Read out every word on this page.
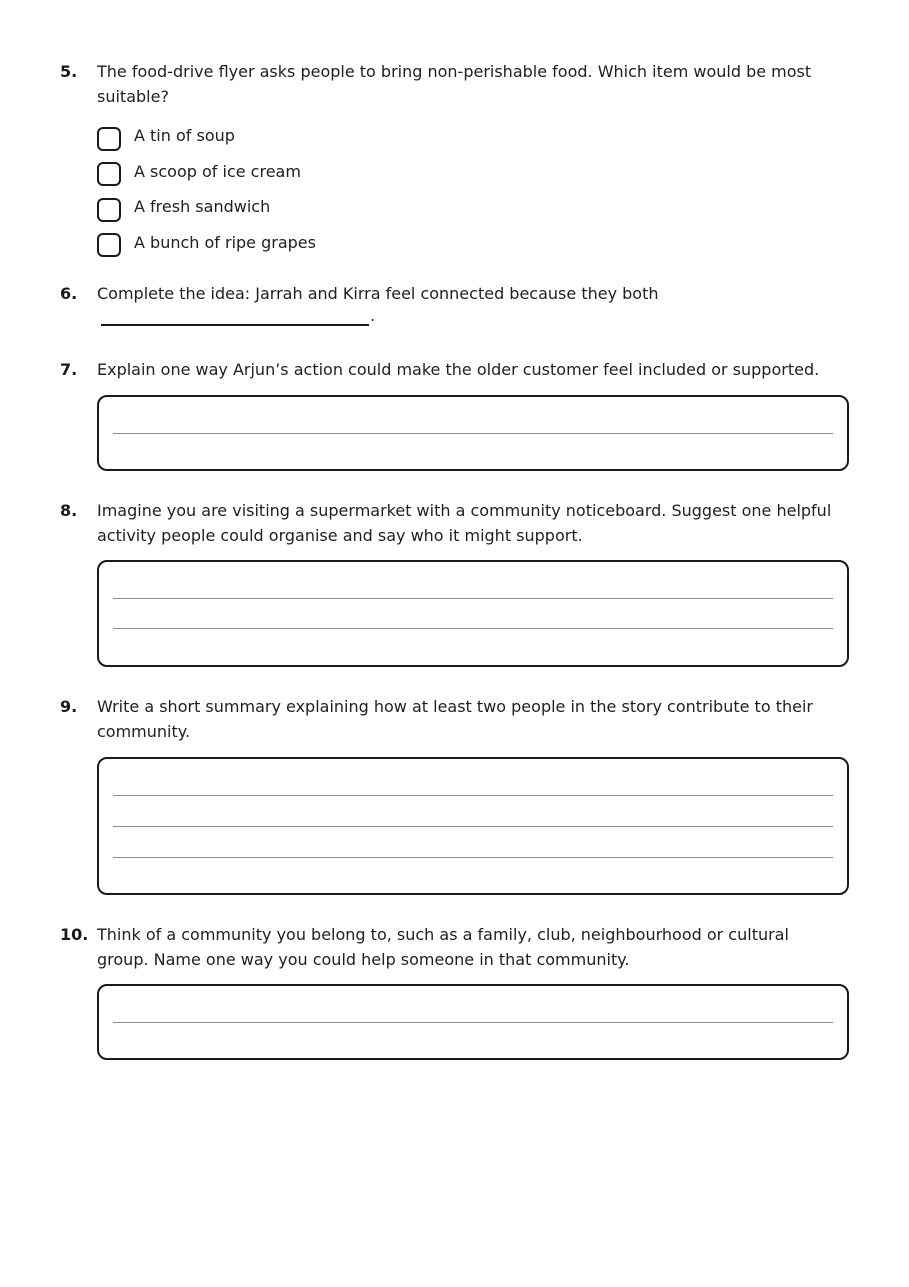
5.	The food-drive flyer asks people to bring non-perishable food. Which item would be most suitable?
A tin of soup
A scoop of ice cream
A fresh sandwich
A bunch of ripe grapes
6.	Complete the idea: Jarrah and Kirra feel connected because they both
.
7.	Explain one way Arjun’s action could make the older customer feel included or supported.
8.	Imagine you are visiting a supermarket with a community noticeboard. Suggest one helpful activity people could organise and say who it might support.
9.	Write a short summary explaining how at least two people in the story contribute to their community.
10. Think of a community you belong to, such as a family, club, neighbourhood or cultural group. Name one way you could help someone in that community.
